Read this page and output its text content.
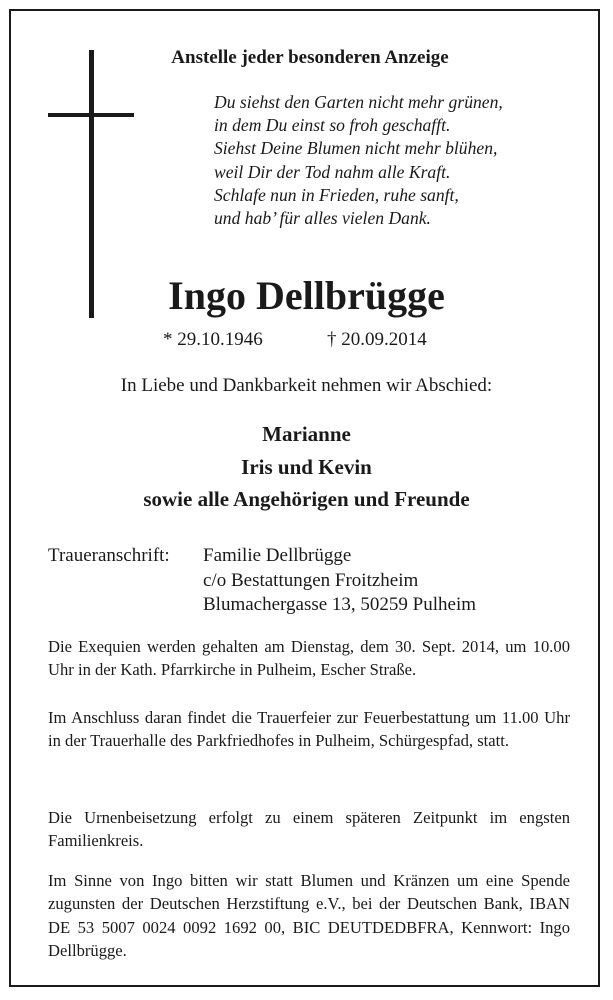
Anstelle jeder besonderen Anzeige
Du siehst den Garten nicht mehr grünen,
in dem Du einst so froh geschafft.
Siehst Deine Blumen nicht mehr blühen,
weil Dir der Tod nahm alle Kraft.
Schlafe nun in Frieden, ruhe sanft,
und hab’ für alles vielen Dank.
Ingo Dellbrügge
* 29.10.1946	† 20.09.2014
In Liebe und Dankbarkeit nehmen wir Abschied:
Marianne
Iris und Kevin
sowie alle Angehörigen und Freunde
Traueranschrift: Familie Dellbrügge
c/o Bestattungen Froitzheim
Blumachergasse 13, 50259 Pulheim
Die Exequien werden gehalten am Dienstag, dem 30. Sept. 2014, um 10.00 Uhr in der Kath. Pfarrkirche in Pulheim, Escher Straße.
Im Anschluss daran findet die Trauerfeier zur Feuerbestattung um 11.00 Uhr in der Trauerhalle des Parkfriedhofes in Pulheim, Schürgespfad, statt.
Die Urnenbeisetzung erfolgt zu einem späteren Zeitpunkt im engsten Familienkreis.
Im Sinne von Ingo bitten wir statt Blumen und Kränzen um eine Spende zugunsten der Deutschen Herzstiftung e.V., bei der Deutschen Bank, IBAN DE 53 5007 0024 0092 1692 00, BIC DEUTDEDBFRA, Kennwort: Ingo Dellbrügge.
